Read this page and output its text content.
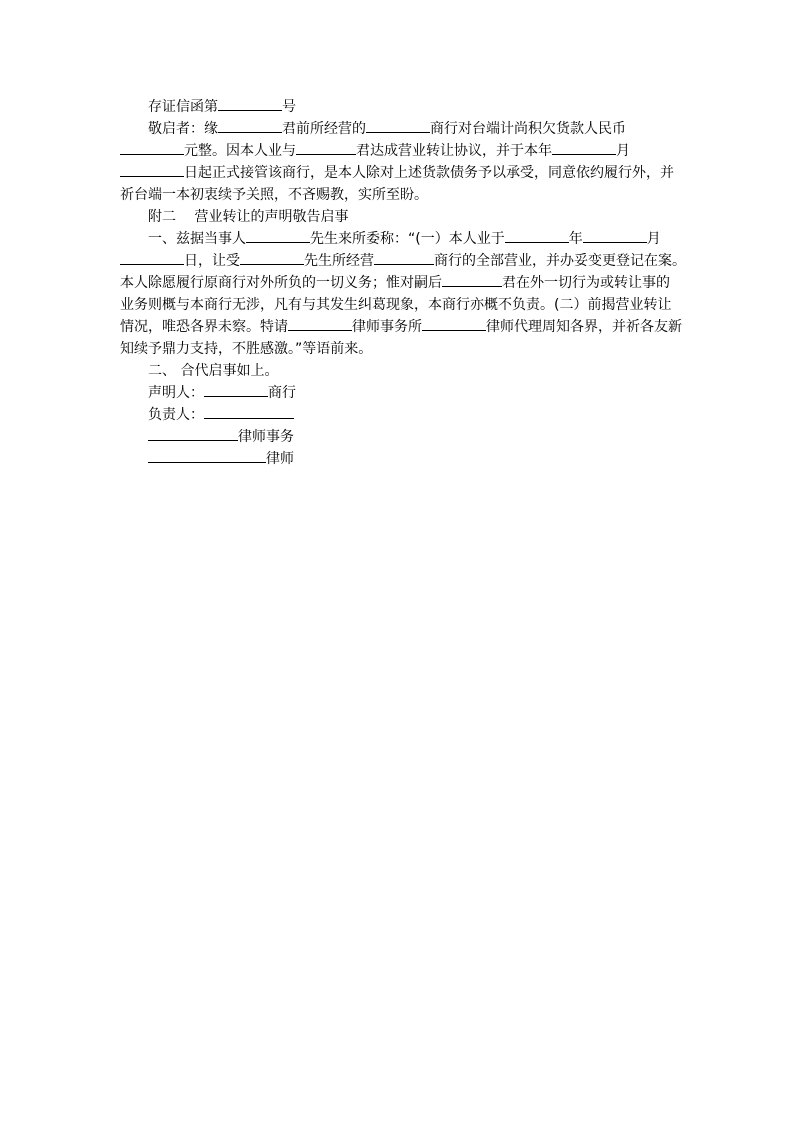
存证信函第	号
敬启者：缘	君前所经营的	商行对台端计尚积欠货款人民币
元整。因本人业与	君达成营业转让协议，并于本年	月
日起正式接管该商行，是本人除对上述货款债务予以承受，同意依约履行外，并
祈台端一本初衷续予关照，不吝赐教，实所至盼。
附二　 营业转让的声明敬告启事
一、兹据当事人	先生来所委称：“(一）本人业于	年	月
日，让受	先生所经营	商行的全部营业，并办妥变更登记在案。
本人除愿履行原商行对外所负的一切义务；惟对嗣后	君在外一切行为或转让事的
业务则概与本商行无涉，凡有与其发生纠葛现象，本商行亦概不负责。(二）前揭营业转让
情况，唯恐各界未察。特请	律师事务所	律师代理周知各界，并祈各友新
知续予鼎力支持，不胜感激。”等语前来。
二、 合代启事如上。
声明人：	商行
负责人：
律师事务
律师
